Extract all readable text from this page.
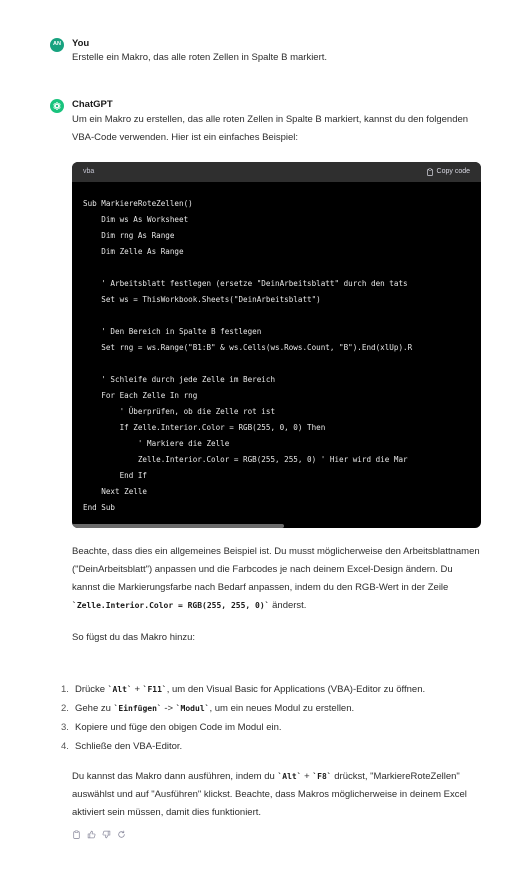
AN You

Erstelle ein Makro, das alle roten Zellen in Spalte B markiert.

ChatGPT

Um ein Makro zu erstellen, das alle roten Zellen in Spalte B markiert, kannst du den folgenden VBA-Code verwenden. Hier ist ein einfaches Beispiel:

vba	Copy code
Sub MarkiereRoteZellen()
Dim ws As Worksheet
Dim rng As Range
Dim Zelle As Range

' Arbeitsblatt festlegen (ersetze "DeinArbeitsblatt" durch den tats
Set ws = ThisWorkbook.Sheets("DeinArbeitsblatt")

' Den Bereich in Spalte B festlegen
Set rng = ws.Range("B1:B" & ws.Cells(ws.Rows.Count, "B").End(xlUp).R

' Schleife durch jede Zelle im Bereich
For Each Zelle In rng
' Überprüfen, ob die Zelle rot ist
If Zelle.Interior.Color = RGB(255, 0, 0) Then
' Markiere die Zelle
Zelle.Interior.Color = RGB(255, 255, 0) ' Hier wird die Mar
End If
Next Zelle
End Sub

Beachte, dass dies ein allgemeines Beispiel ist. Du musst möglicherweise den Arbeitsblattnamen ("DeinArbeitsblatt") anpassen und die Farbcodes je nach deinem Excel-Design ändern. Du kannst die Markierungsfarbe nach Bedarf anpassen, indem du den RGB-Wert in der Zeile `Zelle.Interior.Color = RGB(255, 255, 0)` änderst.

So fügst du das Makro hinzu:

1. Drücke `Alt` + `F11`, um den Visual Basic for Applications (VBA)-Editor zu öffnen.
2. Gehe zu `Einfügen` -> `Modul`, um ein neues Modul zu erstellen.
3. Kopiere und füge den obigen Code im Modul ein.
4. Schließe den VBA-Editor.

Du kannst das Makro dann ausführen, indem du `Alt` + `F8` drückst, "MarkiereRoteZellen" auswählst und auf "Ausführen" klickst. Beachte, dass Makros möglicherweise in deinem Excel aktiviert sein müssen, damit dies funktioniert.
